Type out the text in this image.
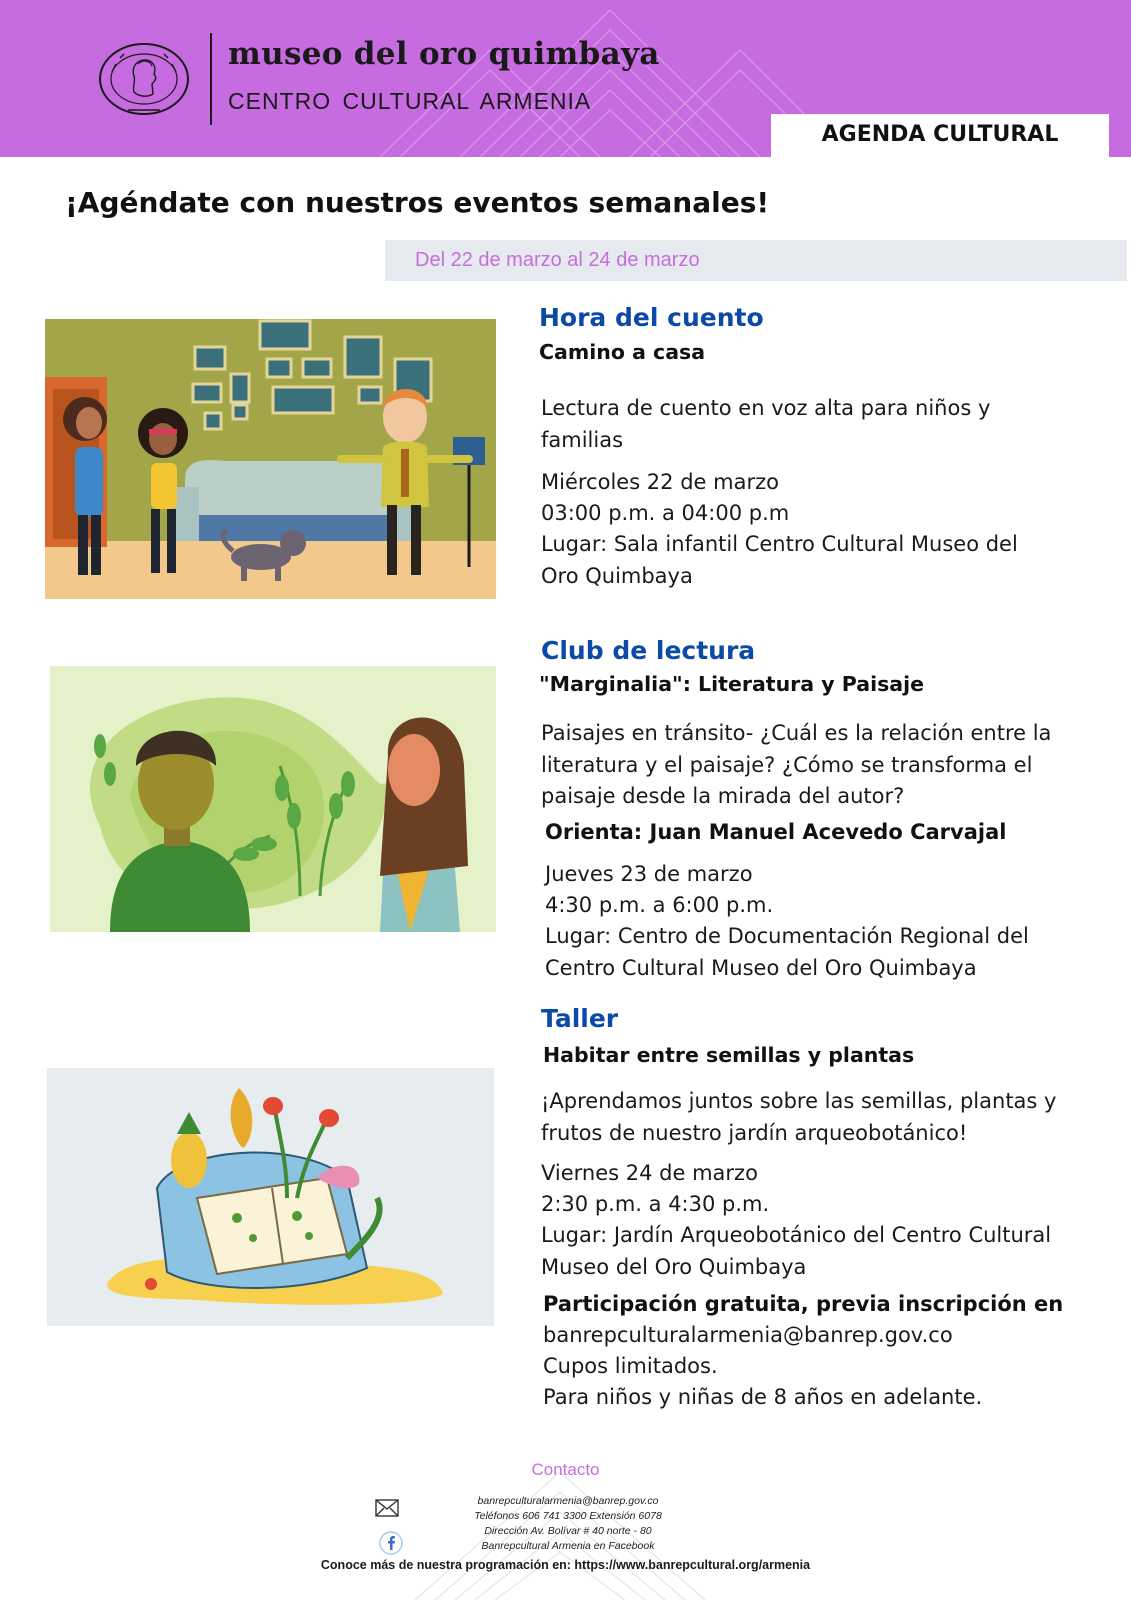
museo del oro quimbaya
CENTRO CULTURAL ARMENIA
AGENDA CULTURAL
¡Agéndate con nuestros eventos semanales!
Del 22 de marzo al 24 de marzo
Hora del cuento
Camino a casa
Lectura de cuento en voz alta para niños y familias
Miércoles 22 de marzo
03:00 p.m. a 04:00 p.m
Lugar: Sala infantil Centro Cultural Museo del Oro Quimbaya
Club de lectura
"Marginalia": Literatura y Paisaje
Paisajes en tránsito- ¿Cuál es la relación entre la literatura y el paisaje? ¿Cómo se transforma el paisaje desde la mirada del autor?
Orienta: Juan Manuel Acevedo Carvajal
Jueves 23 de marzo
4:30 p.m. a 6:00 p.m.
Lugar: Centro de Documentación Regional del Centro Cultural Museo del Oro Quimbaya
Taller
Habitar entre semillas y plantas
¡Aprendamos juntos sobre las semillas, plantas y frutos de nuestro jardín arqueobotánico!
Viernes 24 de marzo
2:30 p.m. a 4:30 p.m.
Lugar: Jardín Arqueobotánico del Centro Cultural Museo del Oro Quimbaya
Participación gratuita, previa inscripción en
banrepculturalarmenia@banrep.gov.co
Cupos limitados.
Para niños y niñas de 8 años en adelante.
Contacto
banrepculturalarmenia@banrep.gov.co
Teléfonos 606 741 3300 Extensión 6078
Dirección Av. Bolívar # 40 norte - 80
Banrepcultural Armenia en Facebook
Conoce más de nuestra programación en: https://www.banrepcultural.org/armenia
